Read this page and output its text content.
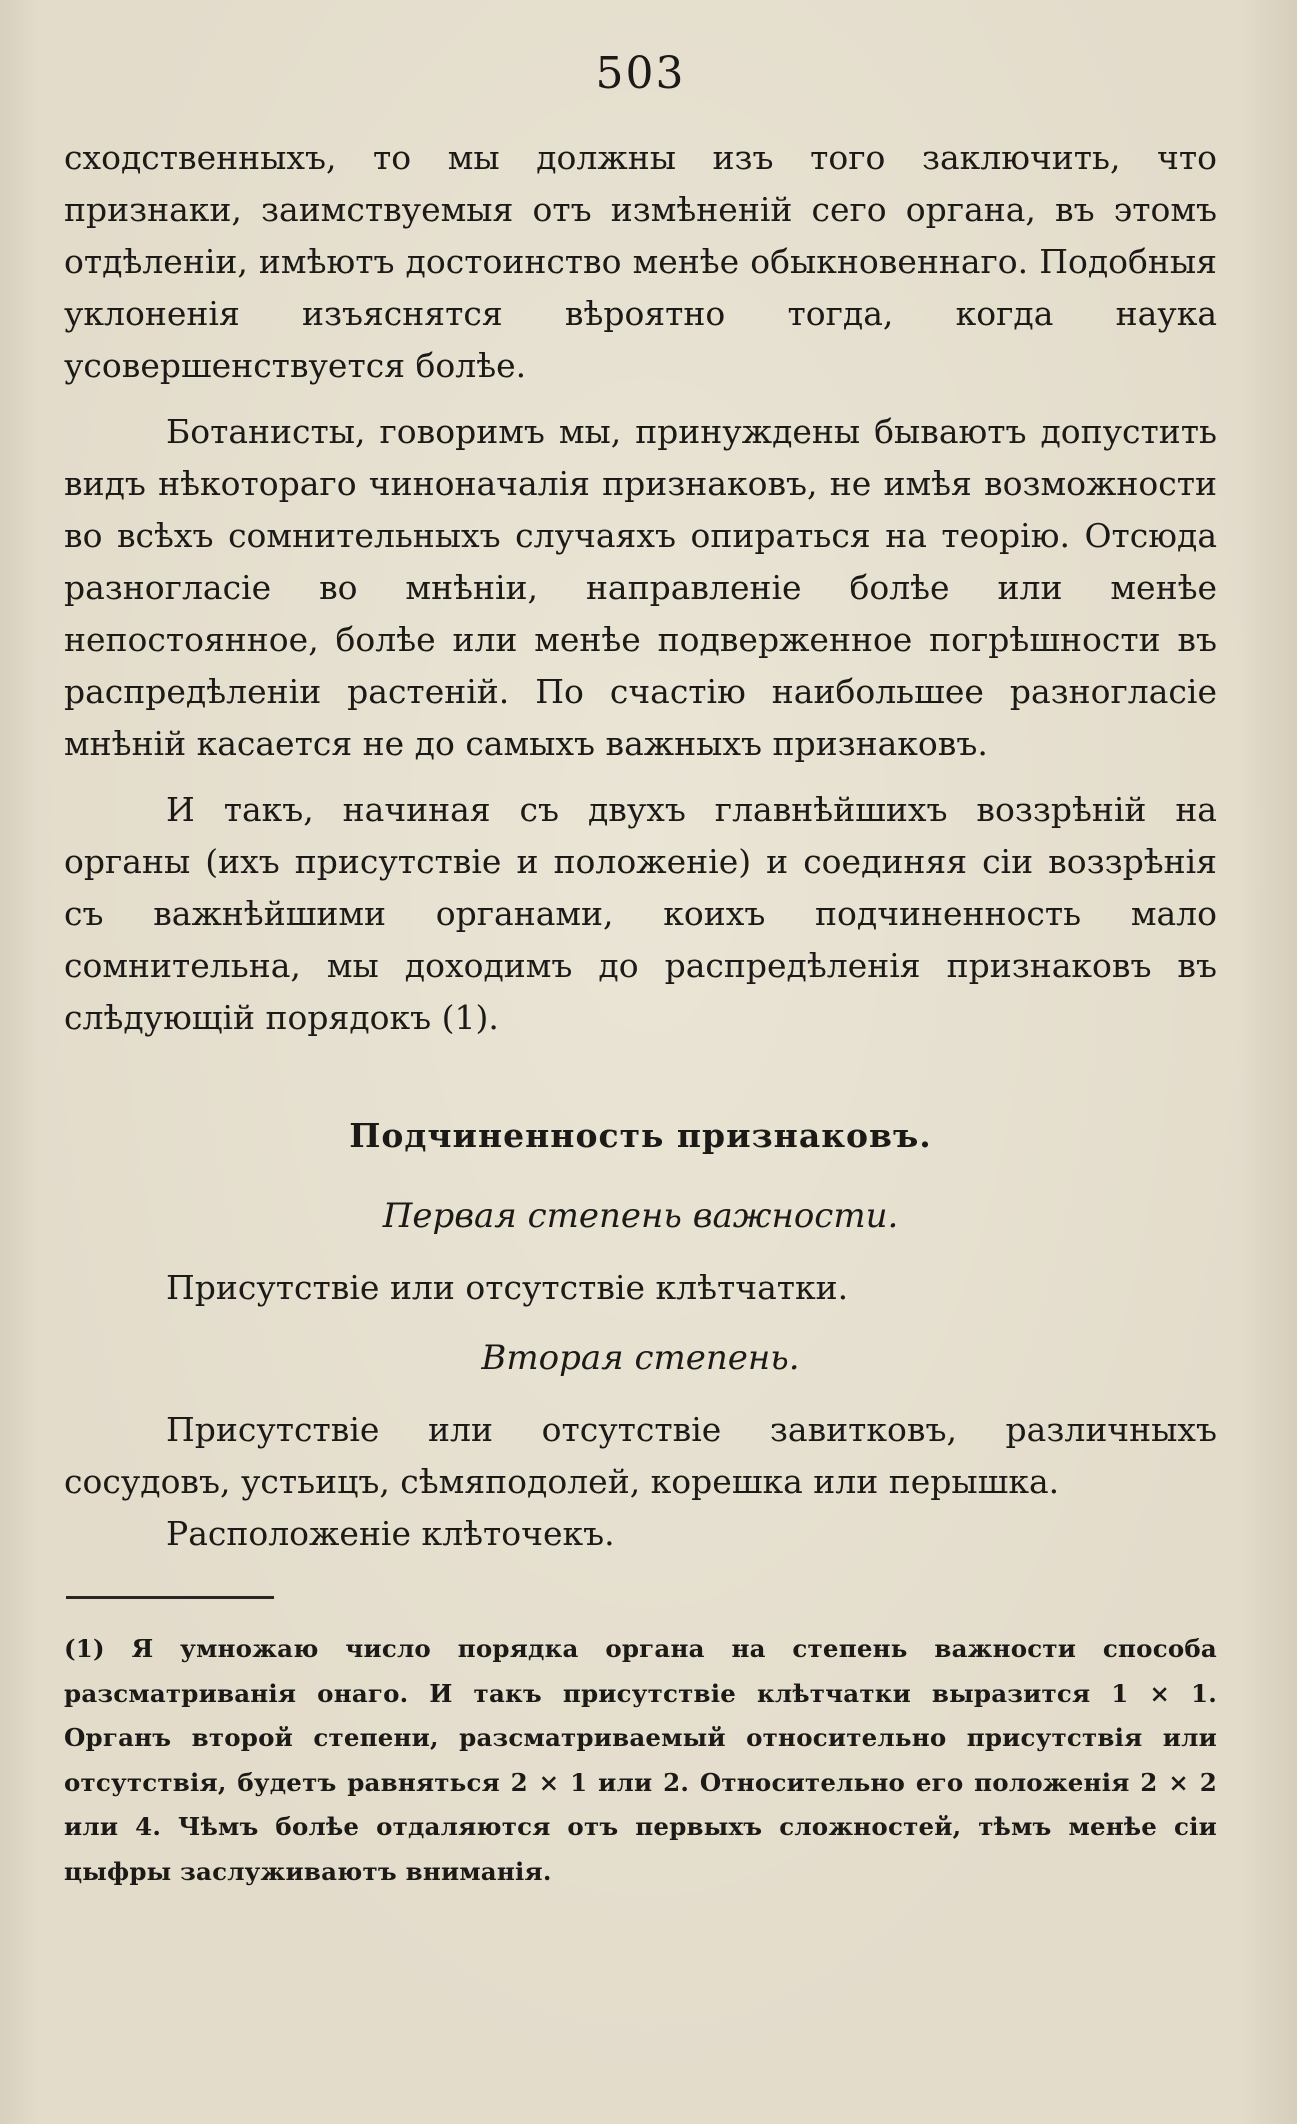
503

сходственныхъ, то мы должны изъ того заключить, что признаки, заимствуемыя отъ измѣненій сего органа, въ этомъ отдѣленіи, имѣютъ достоинство менѣе обыкновеннаго. Подобныя уклоненія изъяснятся вѣроятно тогда, когда наука усовершенствуется болѣе.

Ботанисты, говоримъ мы, принуждены бываютъ допустить видъ нѣкотораго чиноначалія признаковъ, не имѣя возможности во всѣхъ сомнительныхъ случаяхъ опираться на теорію. Отсюда разногласіе во мнѣніи, направленіе болѣе или менѣе непостоянное, болѣе или менѣе подверженное погрѣшности въ распредѣленіи растеній. По счастію наибольшее разногласіе мнѣній касается не до самыхъ важныхъ признаковъ.

И такъ, начиная съ двухъ главнѣйшихъ воззрѣній на органы (ихъ присутствіе и положеніе) и соединяя сіи воззрѣнія съ важнѣйшими органами, коихъ подчиненность мало сомнительна, мы доходимъ до распредѣленія признаковъ въ слѣдующій порядокъ (1).

Подчиненность признаковъ.
Первая степень важности.

Присутствіе или отсутствіе клѣтчатки.

Вторая степень.

Присутствіе или отсутствіе завитковъ, различныхъ сосудовъ, устьицъ, сѣмяподолей, корешка или перышка.

Расположеніе клѣточекъ.

(1) Я умножаю число порядка органа на степень важности способа разсматриванія онаго. И такъ присутствіе клѣтчатки выразится 1 × 1. Органъ второй степени, разсматриваемый относительно присутствія или отсутствія, будетъ равняться 2 × 1 или 2. Относительно его положенія 2 × 2 или 4. Чѣмъ болѣе отдаляются отъ первыхъ сложностей, тѣмъ менѣе сіи цыфры заслуживаютъ вниманія.
